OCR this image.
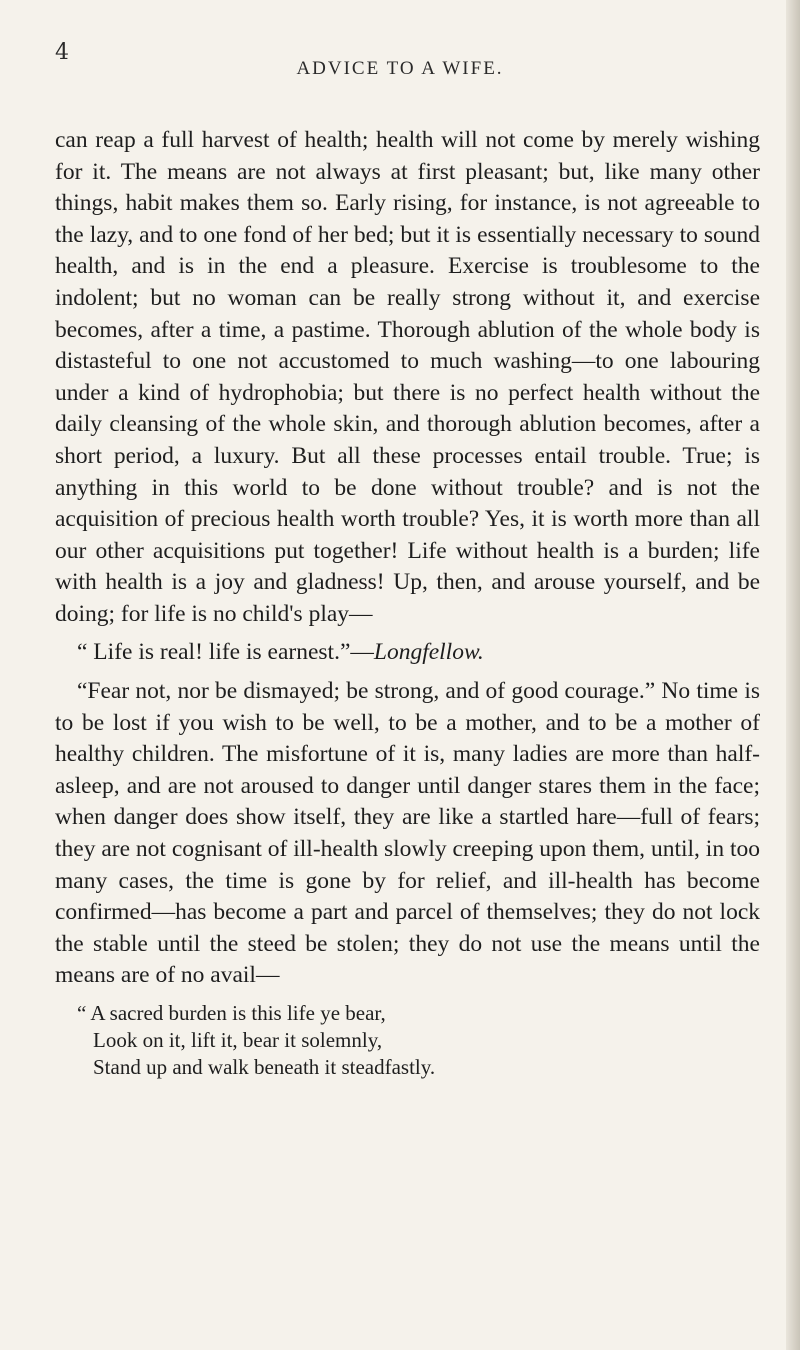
4

ADVICE TO A WIFE.

can reap a full harvest of health; health will not come by merely wishing for it. The means are not always at first pleasant; but, like many other things, habit makes them so. Early rising, for instance, is not agreeable to the lazy, and to one fond of her bed; but it is essentially necessary to sound health, and is in the end a pleasure. Exercise is troublesome to the indolent; but no woman can be really strong without it, and exercise becomes, after a time, a pastime. Thorough ablution of the whole body is distasteful to one not accustomed to much washing—to one labouring under a kind of hydrophobia; but there is no perfect health without the daily cleansing of the whole skin, and thorough ablution becomes, after a short period, a luxury. But all these processes entail trouble. True; is anything in this world to be done without trouble? and is not the acquisition of precious health worth trouble? Yes, it is worth more than all our other acquisitions put together! Life without health is a burden; life with health is a joy and gladness! Up, then, and arouse yourself, and be doing; for life is no child's play—

“ Life is real! life is earnest.”—Longfellow.

“Fear not, nor be dismayed; be strong, and of good courage.” No time is to be lost if you wish to be well, to be a mother, and to be a mother of healthy children. The misfortune of it is, many ladies are more than half-asleep, and are not aroused to danger until danger stares them in the face; when danger does show itself, they are like a startled hare—full of fears; they are not cognisant of ill-health slowly creeping upon them, until, in too many cases, the time is gone by for relief, and ill-health has become confirmed—has become a part and parcel of themselves; they do not lock the stable until the steed be stolen; they do not use the means until the means are of no avail—

“ A sacred burden is this life ye bear,
Look on it, lift it, bear it solemnly,
Stand up and walk beneath it steadfastly.
